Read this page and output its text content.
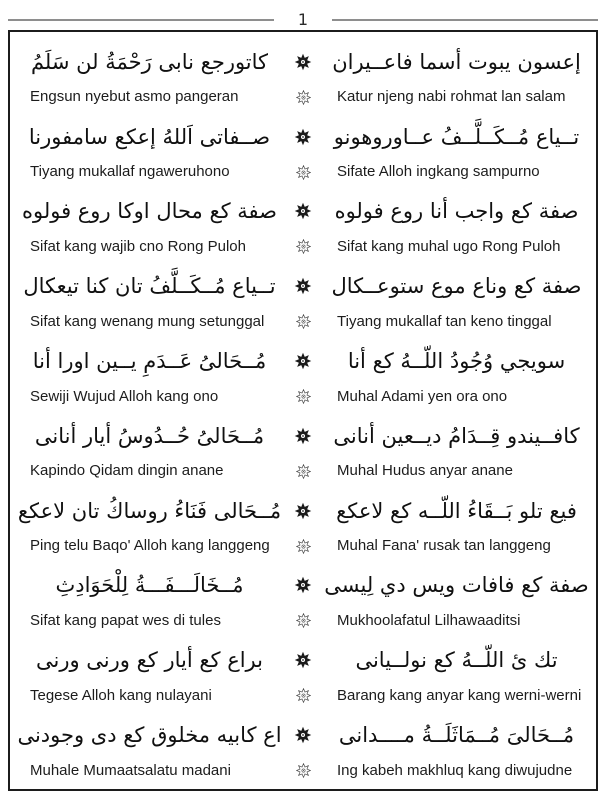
1
كاتورجع نابى رَحْمَةُ لن سَلَمُ	إعسون يبوت أسما فاعــيران
Engsun nyebut asmo pangeran	Katur njeng nabi rohmat lan salam
صــفاتى اَللهُ إعكع سامفورنا	تــياع مُــكَــلَّــفُ عــاوروهونو
Tiyang mukallaf ngaweruhono	Sifate Alloh ingkang sampurno
صفة كع محال اوكا روع فولوه	صفة كع واجب أنا روع فولوه
Sifat kang wajib cno Rong Puloh	Sifat kang muhal ugo Rong Puloh
تــياع مُــكَــلَّفُ تان كنا تيعكال	صفة كع وناع موع ستوعــكال
Sifat kang wenang mung setunggal	Tiyang mukallaf tan keno tinggal
مُــحَالىُ عَــدَمِ يــين اورا أنا	سويجي وُجُودُ اللّــهُ كع أنا
Sewiji Wujud Alloh kang ono	Muhal Adami yen ora ono
مُــحَالىُ حُــدُوسُ أيار أنانى	كافــيندو قِــدَامُ ديــعين أنانى
Kapindo Qidam dingin anane	Muhal Hudus anyar anane
مُــحَالى فَنَاءُ روساكُ تان لاعكع	فيع تلو بَــقَاءُ اللّــه كع لاعكع
Ping telu Baqo' Alloh kang langgeng	Muhal Fana' rusak tan langgeng
مُــخَالَـــفَـــةُ لِلْحَوَادِثِ	صفة كع فافات ويس دي لِيسى
Sifat kang papat wes di tules	Mukhoolafatul Lilhawaaditsi
براع كع أيار كع ورنى ورنى	تك ئ اللّــهُ كع نولــيانى
Tegese Alloh kang nulayani	Barang kang anyar kang werni-werni
اع كابيه مخلوق كع دى وجودنى	مُــحَالىَ مُــمَاثَلَــةُ مــــدانى
Muhale Mumaatsalatu madani	Ing kabeh makhluq kang diwujudne
